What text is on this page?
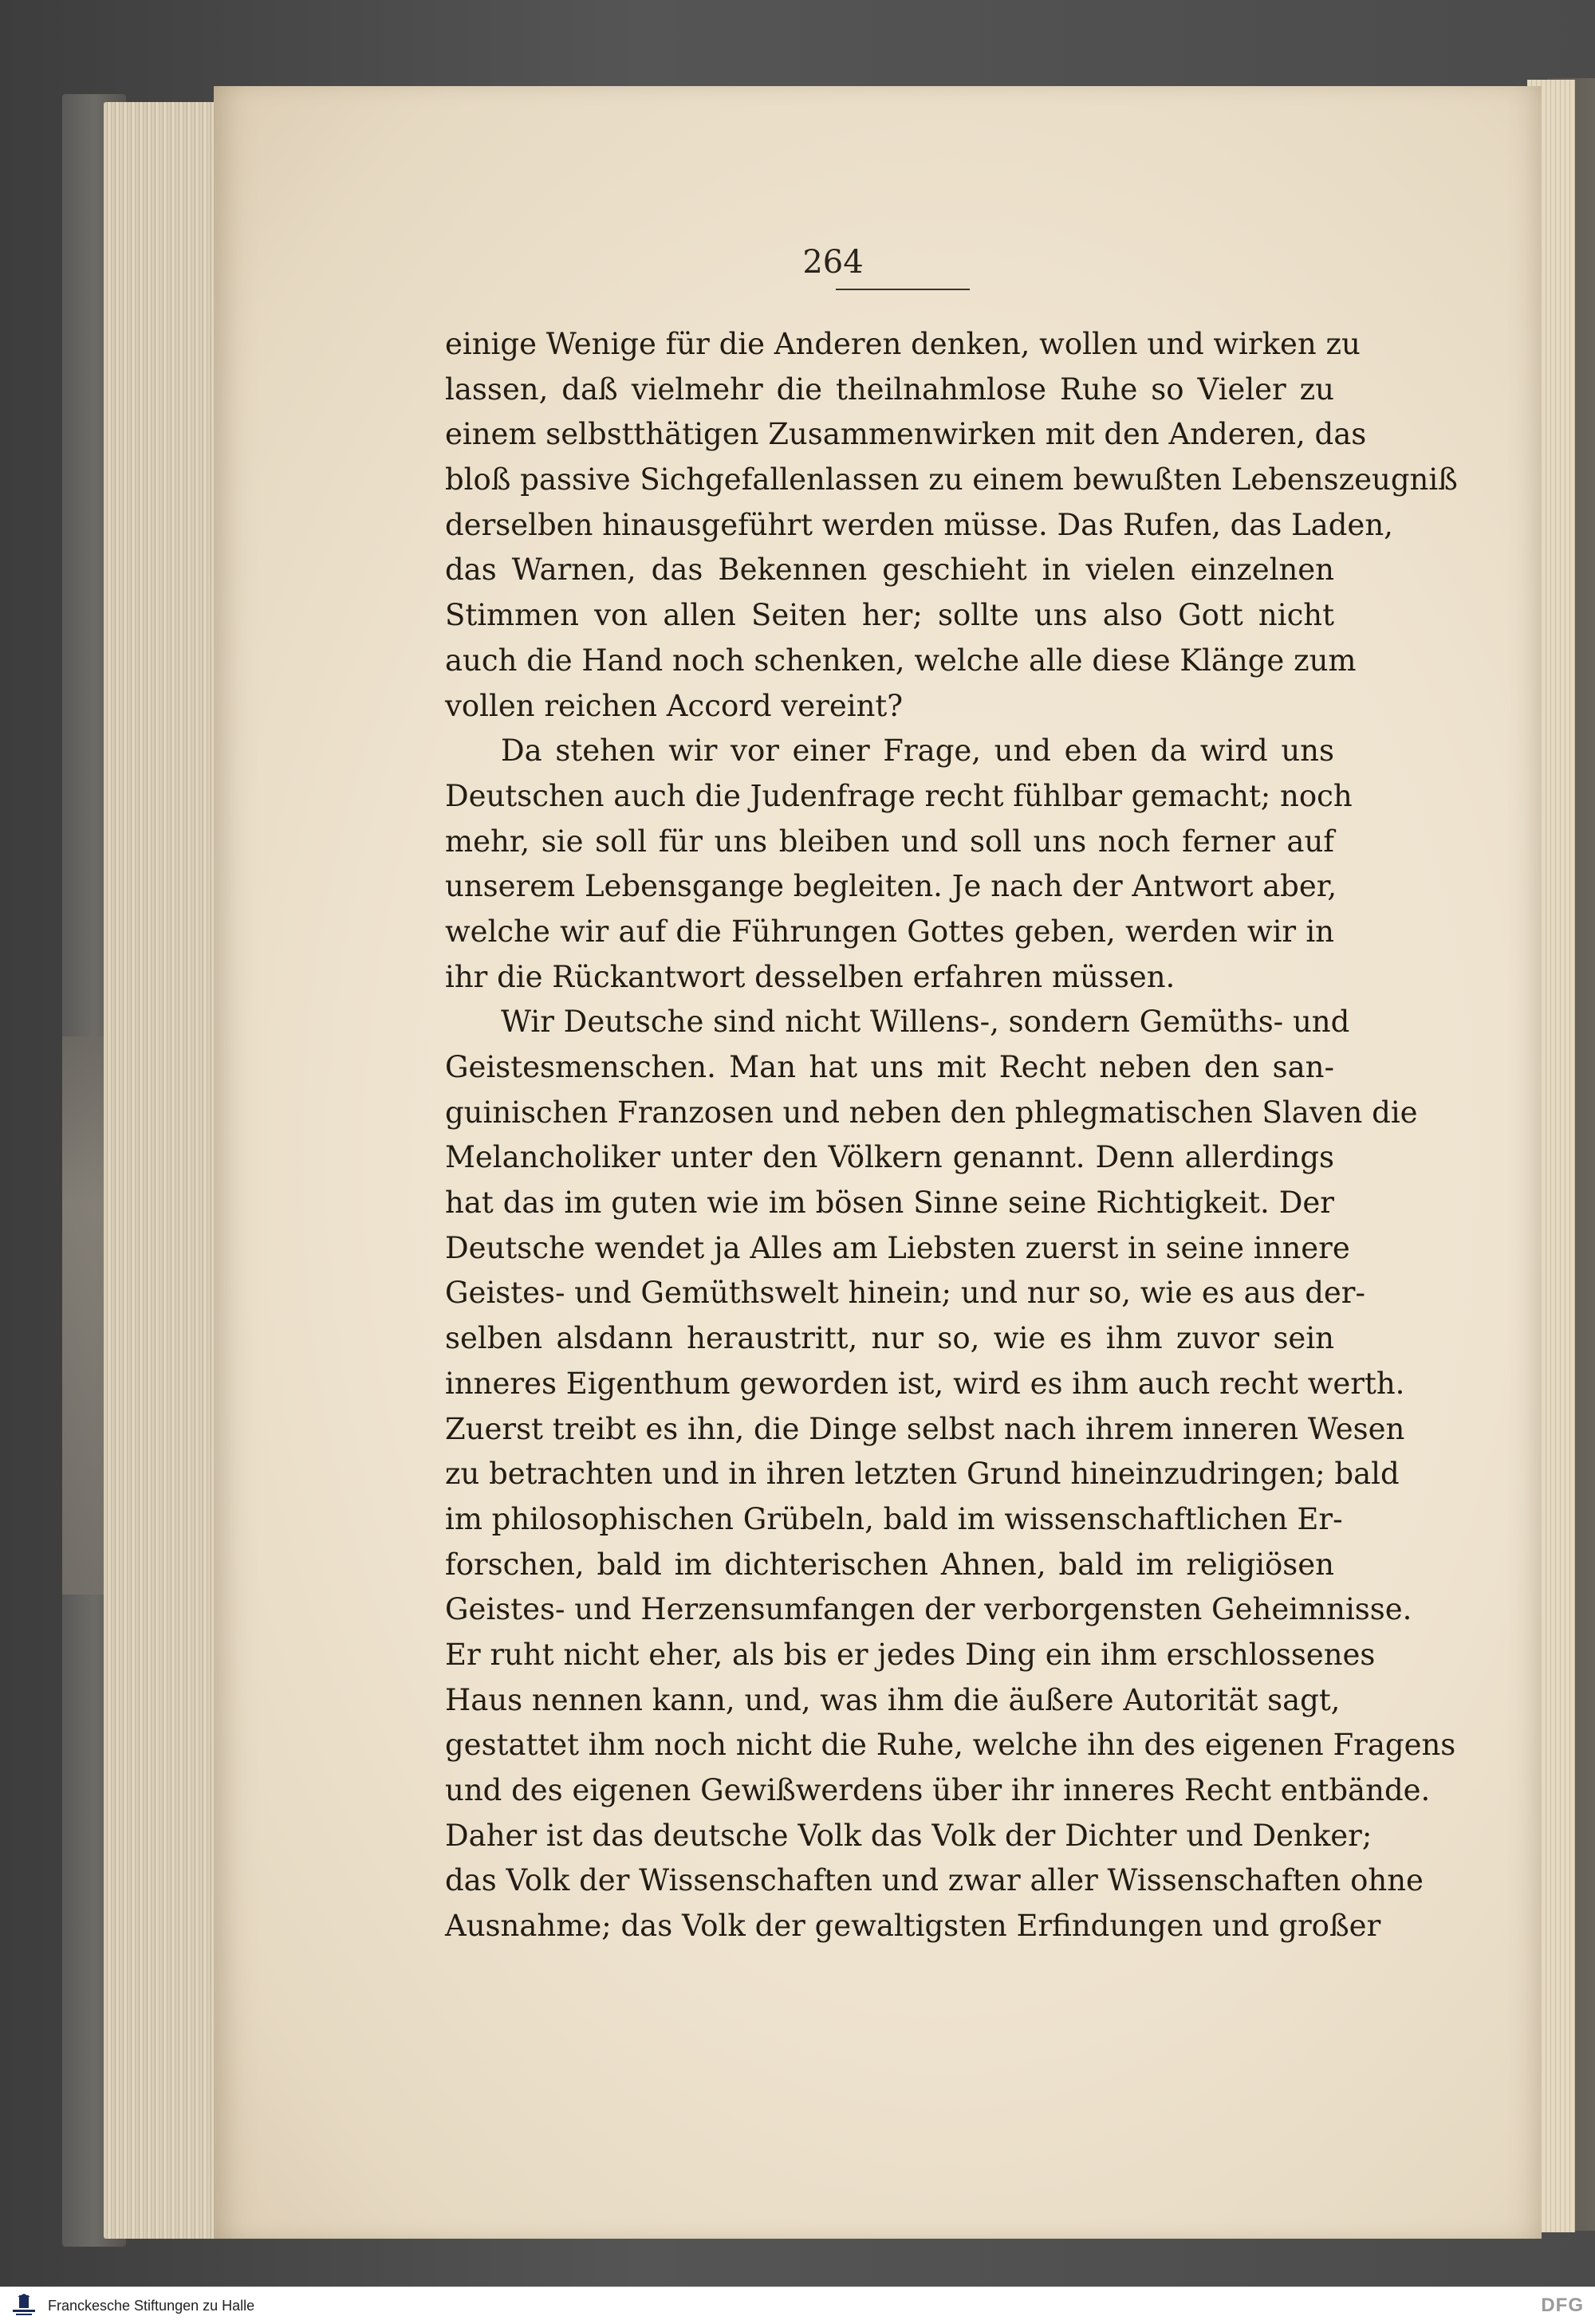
264
einige Wenige für die Anderen denken, wollen und wirken zu
lassen, daß vielmehr die theilnahmlose Ruhe so Vieler zu
einem selbstthätigen Zusammenwirken mit den Anderen, das
bloß passive Sichgefallenlassen zu einem bewußten Lebenszeugniß
derselben hinausgeführt werden müsse. Das Rufen, das Laden,
das Warnen, das Bekennen geschieht in vielen einzelnen
Stimmen von allen Seiten her; sollte uns also Gott nicht
auch die Hand noch schenken, welche alle diese Klänge zum
vollen reichen Accord vereint?
Da stehen wir vor einer Frage, und eben da wird uns
Deutschen auch die Judenfrage recht fühlbar gemacht; noch
mehr, sie soll für uns bleiben und soll uns noch ferner auf
unserem Lebensgange begleiten. Je nach der Antwort aber,
welche wir auf die Führungen Gottes geben, werden wir in
ihr die Rückantwort desselben erfahren müssen.
Wir Deutsche sind nicht Willens-, sondern Gemüths- und
Geistesmenschen. Man hat uns mit Recht neben den san-
guinischen Franzosen und neben den phlegmatischen Slaven die
Melancholiker unter den Völkern genannt. Denn allerdings
hat das im guten wie im bösen Sinne seine Richtigkeit. Der
Deutsche wendet ja Alles am Liebsten zuerst in seine innere
Geistes- und Gemüthswelt hinein; und nur so, wie es aus der-
selben alsdann heraustritt, nur so, wie es ihm zuvor sein
inneres Eigenthum geworden ist, wird es ihm auch recht werth.
Zuerst treibt es ihn, die Dinge selbst nach ihrem inneren Wesen
zu betrachten und in ihren letzten Grund hineinzudringen; bald
im philosophischen Grübeln, bald im wissenschaftlichen Er-
forschen, bald im dichterischen Ahnen, bald im religiösen
Geistes- und Herzensumfangen der verborgensten Geheimnisse.
Er ruht nicht eher, als bis er jedes Ding ein ihm erschlossenes
Haus nennen kann, und, was ihm die äußere Autorität sagt,
gestattet ihm noch nicht die Ruhe, welche ihn des eigenen Fragens
und des eigenen Gewißwerdens über ihr inneres Recht entbände.
Daher ist das deutsche Volk das Volk der Dichter und Denker;
das Volk der Wissenschaften und zwar aller Wissenschaften ohne
Ausnahme; das Volk der gewaltigsten Erfindungen und großer
Franckesche Stiftungen zu Halle	DFG
